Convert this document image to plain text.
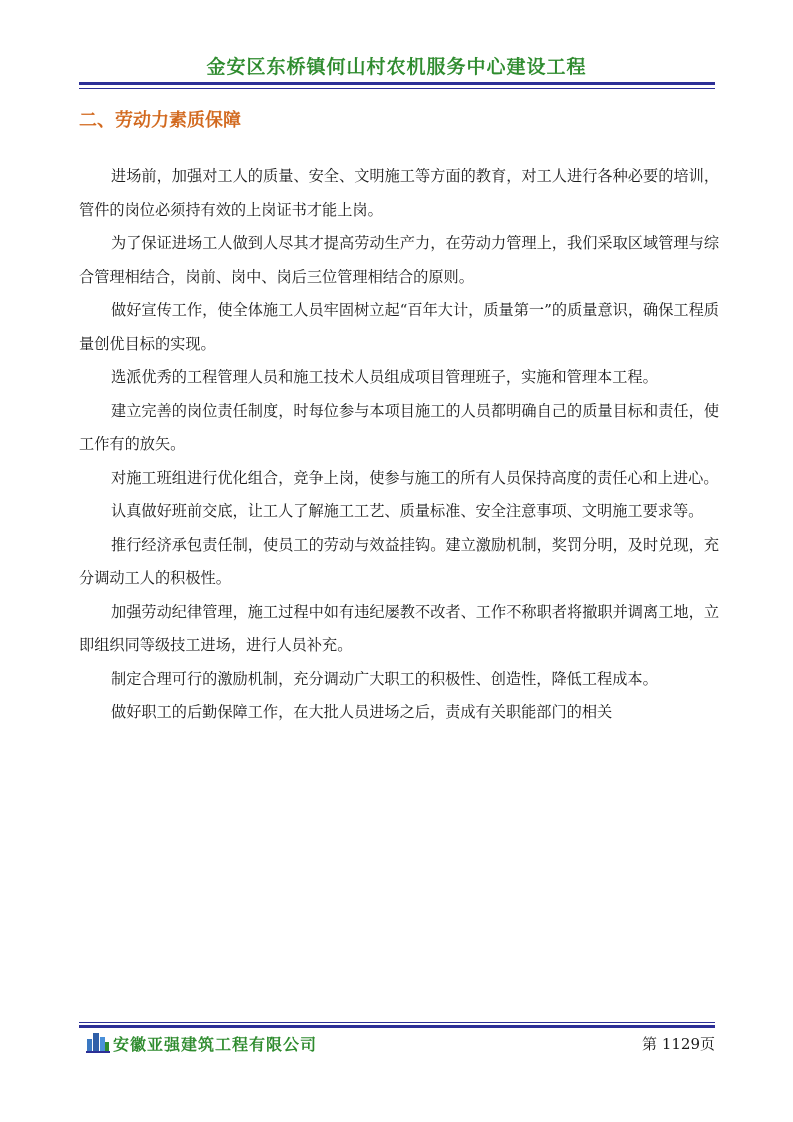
金安区东桥镇何山村农机服务中心建设工程
二、劳动力素质保障

进场前，加强对工人的质量、安全、文明施工等方面的教育，对工人进行各种必要的培训，管件的岗位必须持有效的上岗证书才能上岗。

为了保证进场工人做到人尽其才提高劳动生产力，在劳动力管理上，我们采取区域管理与综合管理相结合，岗前、岗中、岗后三位管理相结合的原则。

做好宣传工作，使全体施工人员牢固树立起“百年大计，质量第一”的质量意识，确保工程质量创优目标的实现。

选派优秀的工程管理人员和施工技术人员组成项目管理班子，实施和管理本工程。

建立完善的岗位责任制度，时每位参与本项目施工的人员都明确自己的质量目标和责任，使工作有的放矢。

对施工班组进行优化组合，竞争上岗，使参与施工的所有人员保持高度的责任心和上进心。

认真做好班前交底，让工人了解施工工艺、质量标准、安全注意事项、文明施工要求等。

推行经济承包责任制，使员工的劳动与效益挂钩。建立激励机制，奖罚分明，及时兑现，充分调动工人的积极性。

加强劳动纪律管理，施工过程中如有违纪屡教不改者、工作不称职者将撤职并调离工地，立即组织同等级技工进场，进行人员补充。

制定合理可行的激励机制，充分调动广大职工的积极性、创造性，降低工程成本。

做好职工的后勤保障工作，在大批人员进场之后，责成有关职能部门的相关

安徽亚强建筑工程有限公司	第 1129页
